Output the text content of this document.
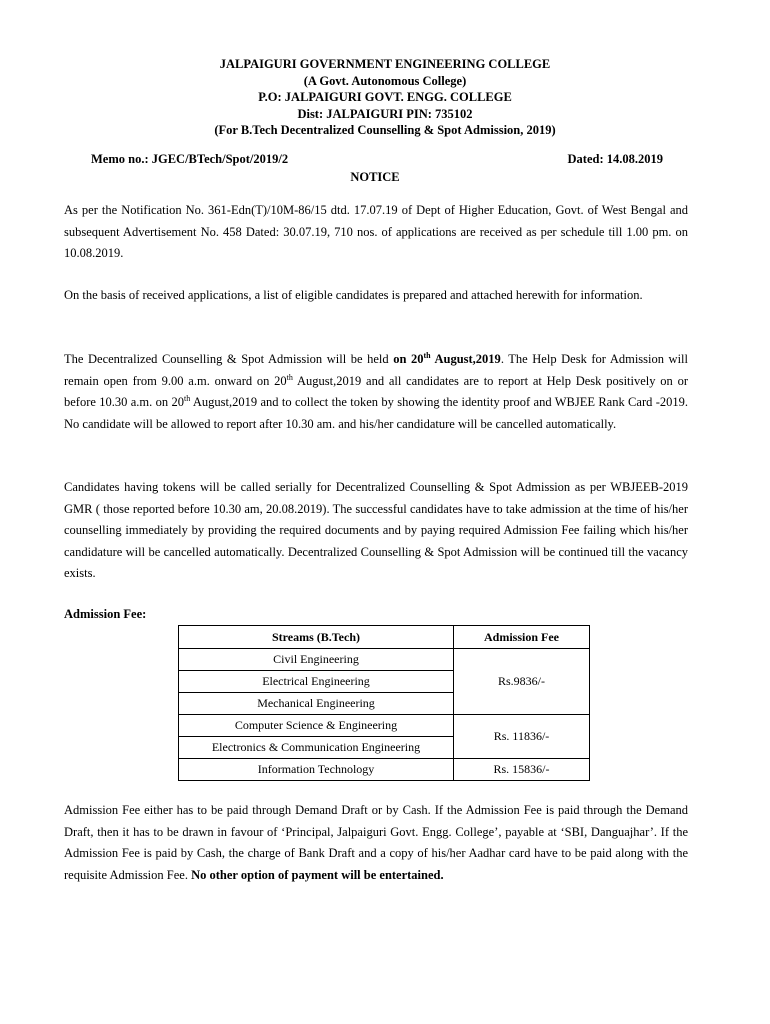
JALPAIGURI GOVERNMENT ENGINEERING COLLEGE
(A Govt. Autonomous College)
P.O: JALPAIGURI GOVT. ENGG. COLLEGE
Dist: JALPAIGURI PIN: 735102
(For B.Tech Decentralized Counselling & Spot Admission, 2019)
Memo no.: JGEC/BTech/Spot/2019/2	Dated: 14.08.2019
NOTICE
As per the Notification No. 361-Edn(T)/10M-86/15 dtd. 17.07.19 of Dept of Higher Education, Govt. of West Bengal and subsequent Advertisement No. 458 Dated: 30.07.19, 710 nos. of applications are received as per schedule till 1.00 pm. on 10.08.2019.
On the basis of received applications, a list of eligible candidates is prepared and attached herewith for information.
The Decentralized Counselling & Spot Admission will be held on 20th August,2019. The Help Desk for Admission will remain open from 9.00 a.m. onward on 20th August,2019 and all candidates are to report at Help Desk positively on or before 10.30 a.m. on 20th August,2019 and to collect the token by showing the identity proof and WBJEE Rank Card -2019. No candidate will be allowed to report after 10.30 am. and his/her candidature will be cancelled automatically.
Candidates having tokens will be called serially for Decentralized Counselling & Spot Admission as per WBJEEB-2019 GMR ( those reported before 10.30 am, 20.08.2019). The successful candidates have to take admission at the time of his/her counselling immediately by providing the required documents and by paying required Admission Fee failing which his/her candidature will be cancelled automatically. Decentralized Counselling & Spot Admission will be continued till the vacancy exists.
Admission Fee:
Streams (B.Tech)	Admission Fee
Civil Engineering	Rs.9836/-
Electrical Engineering	
Mechanical Engineering	
Computer Science & Engineering	Rs. 11836/-
Electronics & Communication Engineering	
Information Technology	Rs. 15836/-
Admission Fee either has to be paid through Demand Draft or by Cash. If the Admission Fee is paid through the Demand Draft, then it has to be drawn in favour of ‘Principal, Jalpaiguri Govt. Engg. College’, payable at ‘SBI, Danguajhar’. If the Admission Fee is paid by Cash, the charge of Bank Draft and a copy of his/her Aadhar card have to be paid along with the requisite Admission Fee. No other option of payment will be entertained.
